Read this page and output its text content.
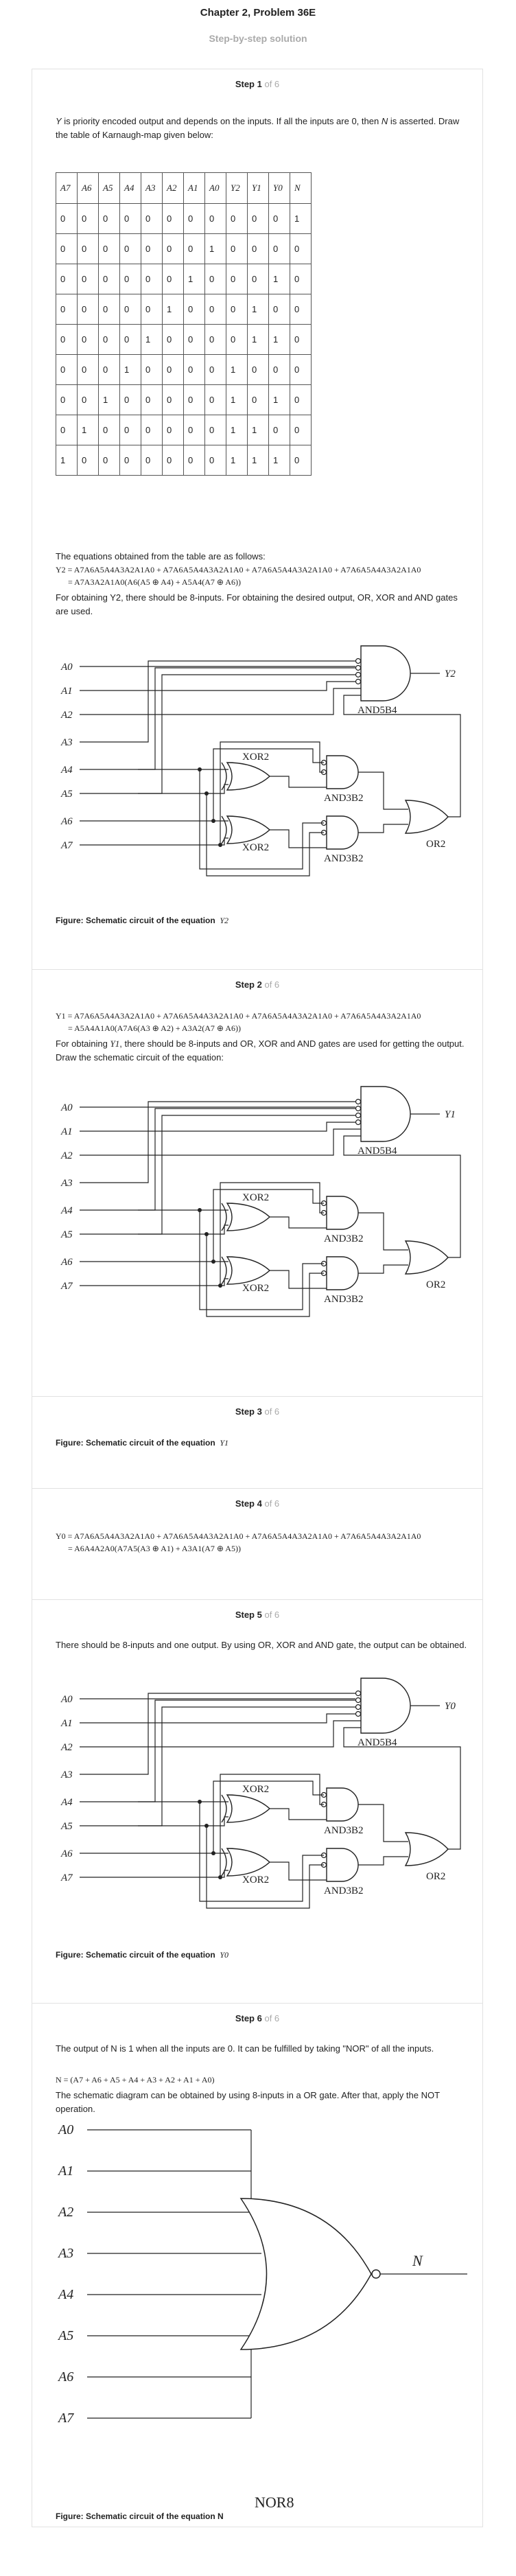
Chapter 2, Problem 36E
Step-by-step solution
Step 1 of 6
Y is priority encoded output and depends on the inputs. If all the inputs are 0, then N is asserted. Draw the table of Karnaugh-map given below:
A7	A6	A5	A4	A3	A2	A1	A0	Y2	Y1	Y0	N
0	0	0	0	0	0	0	0	0	0	0	1
0	0	0	0	0	0	0	1	0	0	0	0
0	0	0	0	0	0	1	0	0	0	1	0
0	0	0	0	0	1	0	0	0	1	0	0
0	0	0	0	1	0	0	0	0	1	1	0
0	0	0	1	0	0	0	0	1	0	0	0
0	0	1	0	0	0	0	0	1	0	1	0
0	1	0	0	0	0	0	0	1	1	0	0
1	0	0	0	0	0	0	0	1	1	1	0
The equations obtained from the table are as follows:
Y2 = A7A6A5A4A3A2A1A0 + A7A6A5A4A3A2A1A0 + A7A6A5A4A3A2A1A0 + A7A6A5A4A3A2A1A0
= A7A3A2A1A0(A6(A5 ⊕ A4) + A5A4(A7 ⊕ A6))
For obtaining Y2, there should be 8-inputs. For obtaining the desired output, OR, XOR and AND gates are used.
A0
A1
A2
A3
A4
A5
A6
A7
AND5B4
Y2
XOR2
XOR2
AND3B2
AND3B2
OR2
Figure: Schematic circuit of the equation Y2
Step 2 of 6
Y1 = A7A6A5A4A3A2A1A0 + A7A6A5A4A3A2A1A0 + A7A6A5A4A3A2A1A0 + A7A6A5A4A3A2A1A0
= A5A4A1A0(A7A6(A3 ⊕ A2) + A3A2(A7 ⊕ A6))
For obtaining Y1, there should be 8-inputs and OR, XOR and AND gates are used for getting the output. Draw the schematic circuit of the equation:
A0
A1
A2
A3
A4
A5
A6
A7
AND5B4
Y1
XOR2
XOR2
AND3B2
AND3B2
OR2
Step 3 of 6
Figure: Schematic circuit of the equation Y1
Step 4 of 6
Y0 = A7A6A5A4A3A2A1A0 + A7A6A5A4A3A2A1A0 + A7A6A5A4A3A2A1A0 + A7A6A5A4A3A2A1A0
= A6A4A2A0(A7A5(A3 ⊕ A1) + A3A1(A7 ⊕ A5))
Step 5 of 6
There should be 8-inputs and one output. By using OR, XOR and AND gate, the output can be obtained.
A0
A1
A2
A3
A4
A5
A6
A7
AND5B4
Y0
XOR2
XOR2
AND3B2
AND3B2
OR2
Figure: Schematic circuit of the equation Y0
Step 6 of 6
The output of N is 1 when all the inputs are 0. It can be fulfilled by taking "NOR" of all the inputs.
N = (A7 + A6 + A5 + A4 + A3 + A2 + A1 + A0)
The schematic diagram can be obtained by using 8-inputs in a OR gate. After that, apply the NOT operation.
A0
A1
A2
A3
A4
A5
A6
A7
N
NOR8
Figure: Schematic circuit of the equation N
